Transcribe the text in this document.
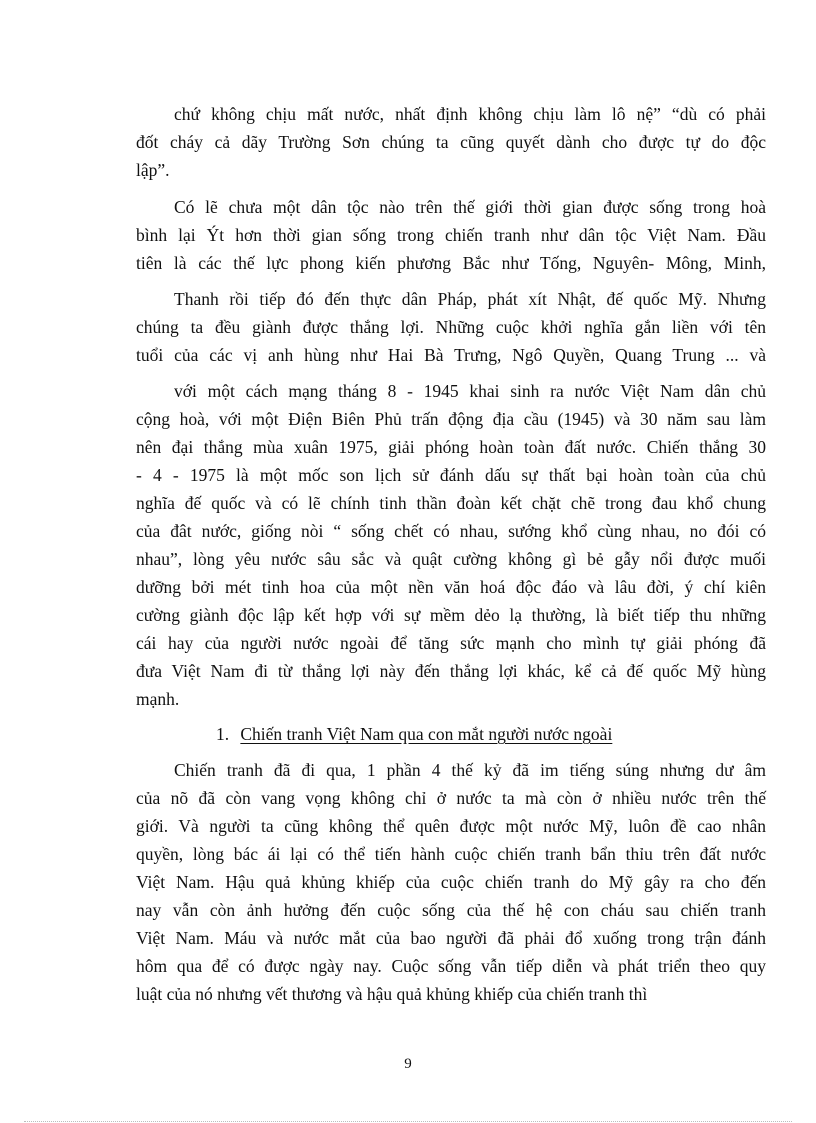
chứ không chịu mất nước, nhất định không chịu làm lô nệ” “dù có phải
đốt cháy cả dãy Trường Sơn chúng ta cũng quyết dành cho được tự do độc
lập”.
Có lẽ chưa một dân tộc nào trên thế giới thời gian được sống trong hoà
bình lại Ýt hơn thời gian sống trong chiến tranh như dân tộc Việt Nam. Đầu
tiên là các thế lực phong kiến phương Bắc như Tống, Nguyên- Mông, Minh,
Thanh rồi tiếp đó đến thực dân Pháp, phát xít Nhật, đế quốc Mỹ. Nhưng
chúng ta đều giành được thắng lợi. Những cuộc khởi nghĩa gắn liền với tên
tuổi của các vị anh hùng như Hai Bà Trưng, Ngô Quyền, Quang Trung ... và
với một cách mạng tháng 8 - 1945 khai sinh ra nước Việt Nam dân chủ
cộng hoà, với một Điện Biên Phủ trấn động địa cầu (1945) và 30 năm sau làm
nên đại thắng mùa xuân 1975, giải phóng hoàn toàn đất nước. Chiến thắng 30
- 4 - 1975 là một mốc son lịch sử đánh dấu sự thất bại hoàn toàn của chủ
nghĩa đế quốc và có lẽ chính tinh thần đoàn kết chặt chẽ trong đau khổ chung
của đât nước, giống nòi “ sống chết có nhau, sướng khổ cùng nhau, no đói có
nhau”, lòng yêu nước sâu sắc và quật cường không gì bẻ gẫy nổi được muối
dưỡng bởi mét tinh hoa của một nền văn hoá độc đáo và lâu đời, ý chí kiên
cường giành độc lập kết hợp với sự mềm dẻo lạ thường, là biết tiếp thu những
cái hay của người nước ngoài để tăng sức mạnh cho mình tự giải phóng đã
đưa Việt Nam đi từ thắng lợi này đến thắng lợi khác, kể cả đế quốc Mỹ hùng
mạnh.
1. Chiến tranh Việt Nam qua con mắt người nước ngoài
Chiến tranh đã đi qua, 1 phần 4 thế kỷ đã im tiếng súng nhưng dư âm
của nõ đã còn vang vọng không chỉ ở nước ta mà còn ở nhiều nước trên thế
giới. Và người ta cũng không thể quên được một nước Mỹ, luôn đề cao nhân
quyền, lòng bác ái lại có thể tiến hành cuộc chiến tranh bẩn thỉu trên đất nước
Việt Nam. Hậu quả khủng khiếp của cuộc chiến tranh do Mỹ gây ra cho đến
nay vẫn còn ảnh hưởng đến cuộc sống của thế hệ con cháu sau chiến tranh
Việt Nam. Máu và nước mắt của bao người đã phải đổ xuống trong trận đánh
hôm qua để có được ngày nay. Cuộc sống vẫn tiếp diễn và phát triển theo quy
luật của nó nhưng vết thương và hậu quả khủng khiếp của chiến tranh thì
9
